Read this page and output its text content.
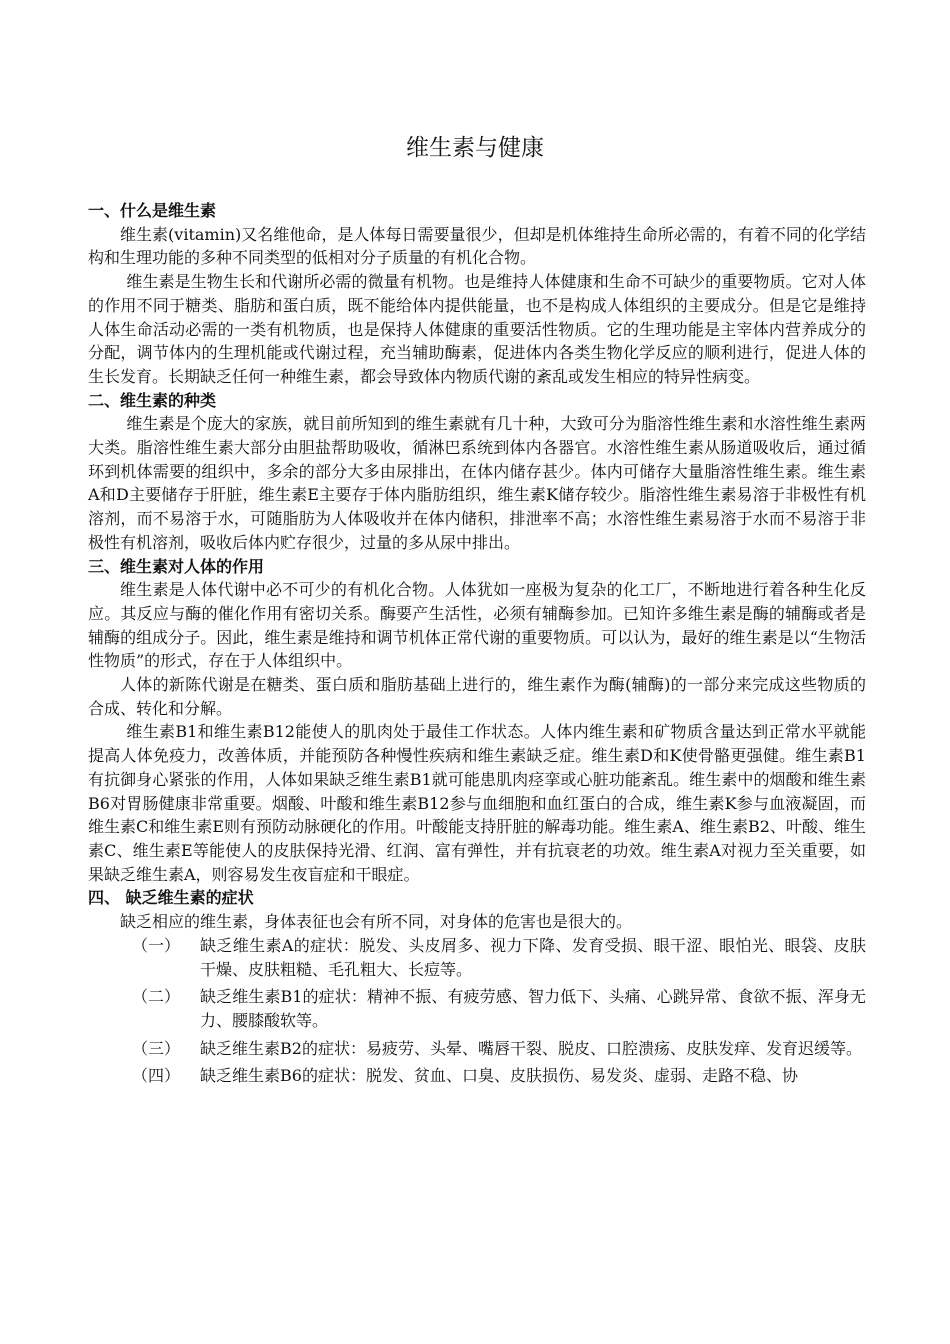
维生素与健康
一、什么是维生素

维生素(vitamin)又名维他命，是人体每日需要量很少，但却是机体维持生命所必需的，有着不同的化学结构和生理功能的多种不同类型的低相对分子质量的有机化合物。

维生素是生物生长和代谢所必需的微量有机物。也是维持人体健康和生命不可缺少的重要物质。它对人体的作用不同于糖类、脂肪和蛋白质，既不能给体内提供能量，也不是构成人体组织的主要成分。但是它是维持人体生命活动必需的一类有机物质，也是保持人体健康的重要活性物质。它的生理功能是主宰体内营养成分的分配，调节体内的生理机能或代谢过程，充当辅助酶素，促进体内各类生物化学反应的顺利进行，促进人体的生长发育。长期缺乏任何一种维生素，都会导致体内物质代谢的紊乱或发生相应的特异性病变。

二、维生素的种类

维生素是个庞大的家族，就目前所知到的维生素就有几十种，大致可分为脂溶性维生素和水溶性维生素两大类。脂溶性维生素大部分由胆盐帮助吸收，循淋巴系统到体内各器官。水溶性维生素从肠道吸收后，通过循环到机体需要的组织中，多余的部分大多由尿排出，在体内储存甚少。体内可储存大量脂溶性维生素。维生素A和D主要储存于肝脏，维生素E主要存于体内脂肪组织，维生素K储存较少。脂溶性维生素易溶于非极性有机溶剂，而不易溶于水，可随脂肪为人体吸收并在体内储积，排泄率不高；水溶性维生素易溶于水而不易溶于非极性有机溶剂，吸收后体内贮存很少，过量的多从尿中排出。

三、维生素对人体的作用

维生素是人体代谢中必不可少的有机化合物。人体犹如一座极为复杂的化工厂，不断地进行着各种生化反应。其反应与酶的催化作用有密切关系。酶要产生活性，必须有辅酶参加。已知许多维生素是酶的辅酶或者是辅酶的组成分子。因此，维生素是维持和调节机体正常代谢的重要物质。可以认为，最好的维生素是以“生物活性物质”的形式，存在于人体组织中。

人体的新陈代谢是在糖类、蛋白质和脂肪基础上进行的，维生素作为酶(辅酶)的一部分来完成这些物质的合成、转化和分解。

维生素B1和维生素B12能使人的肌肉处于最佳工作状态。人体内维生素和矿物质含量达到正常水平就能提高人体免疫力，改善体质，并能预防各种慢性疾病和维生素缺乏症。维生素D和K使骨骼更强健。维生素B1有抗御身心紧张的作用，人体如果缺乏维生素B1就可能患肌肉痉挛或心脏功能紊乱。维生素中的烟酸和维生素B6对胃肠健康非常重要。烟酸、叶酸和维生素B12参与血细胞和血红蛋白的合成，维生素K参与血液凝固，而维生素C和维生素E则有预防动脉硬化的作用。叶酸能支持肝脏的解毒功能。维生素A、维生素B2、叶酸、维生素C、维生素E等能使人的皮肤保持光滑、红润、富有弹性，并有抗衰老的功效。维生素A对视力至关重要，如果缺乏维生素A，则容易发生夜盲症和干眼症。

四、 缺乏维生素的症状

缺乏相应的维生素，身体表征也会有所不同，对身体的危害也是很大的。

（一）	缺乏维生素A的症状：脱发、头皮屑多、视力下降、发育受损、眼干涩、眼怕光、眼袋、皮肤干燥、皮肤粗糙、毛孔粗大、长痘等。
（二）	缺乏维生素B1的症状：精神不振、有疲劳感、智力低下、头痛、心跳异常、食欲不振、浑身无力、腰膝酸软等。
（三）	缺乏维生素B2的症状：易疲劳、头晕、嘴唇干裂、脱皮、口腔溃疡、皮肤发痒、发育迟缓等。
（四）	缺乏维生素B6的症状：脱发、贫血、口臭、皮肤损伤、易发炎、虚弱、走路不稳、协
